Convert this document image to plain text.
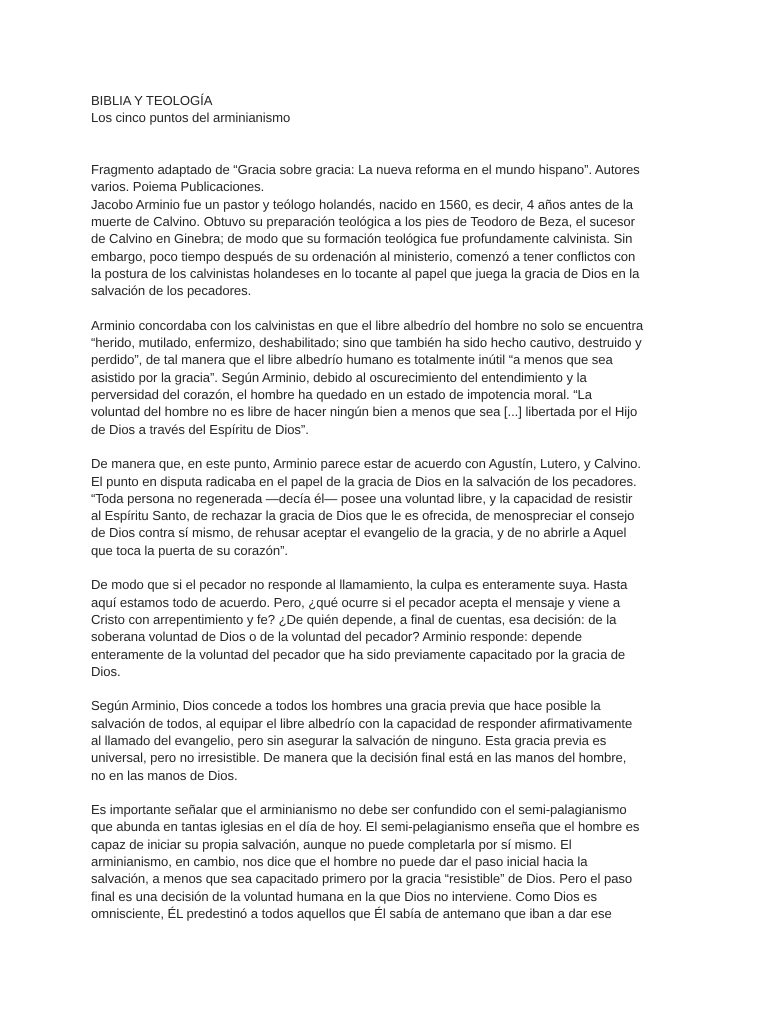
BIBLIA Y TEOLOGÍA
Los cinco puntos del arminianismo
Fragmento adaptado de “Gracia sobre gracia: La nueva reforma en el mundo hispano”. Autores
varios. Poiema Publicaciones.
Jacobo Arminio fue un pastor y teólogo holandés, nacido en 1560, es decir, 4 años antes de la
muerte de Calvino. Obtuvo su preparación teológica a los pies de Teodoro de Beza, el sucesor
de Calvino en Ginebra; de modo que su formación teológica fue profundamente calvinista. Sin
embargo, poco tiempo después de su ordenación al ministerio, comenzó a tener conflictos con
la postura de los calvinistas holandeses en lo tocante al papel que juega la gracia de Dios en la
salvación de los pecadores.
Arminio concordaba con los calvinistas en que el libre albedrío del hombre no solo se encuentra
“herido, mutilado, enfermizo, deshabilitado; sino que también ha sido hecho cautivo, destruido y
perdido”, de tal manera que el libre albedrío humano es totalmente inútil “a menos que sea
asistido por la gracia”. Según Arminio, debido al oscurecimiento del entendimiento y la
perversidad del corazón, el hombre ha quedado en un estado de impotencia moral. “La
voluntad del hombre no es libre de hacer ningún bien a menos que sea [...] libertada por el Hijo
de Dios a través del Espíritu de Dios”.
De manera que, en este punto, Arminio parece estar de acuerdo con Agustín, Lutero, y Calvino.
El punto en disputa radicaba en el papel de la gracia de Dios en la salvación de los pecadores.
“Toda persona no regenerada —decía él— posee una voluntad libre, y la capacidad de resistir
al Espíritu Santo, de rechazar la gracia de Dios que le es ofrecida, de menospreciar el consejo
de Dios contra sí mismo, de rehusar aceptar el evangelio de la gracia, y de no abrirle a Aquel
que toca la puerta de su corazón”.
De modo que si el pecador no responde al llamamiento, la culpa es enteramente suya. Hasta
aquí estamos todo de acuerdo. Pero, ¿qué ocurre si el pecador acepta el mensaje y viene a
Cristo con arrepentimiento y fe? ¿De quién depende, a final de cuentas, esa decisión: de la
soberana voluntad de Dios o de la voluntad del pecador? Arminio responde: depende
enteramente de la voluntad del pecador que ha sido previamente capacitado por la gracia de
Dios.
Según Arminio, Dios concede a todos los hombres una gracia previa que hace posible la
salvación de todos, al equipar el libre albedrío con la capacidad de responder afirmativamente
al llamado del evangelio, pero sin asegurar la salvación de ninguno. Esta gracia previa es
universal, pero no irresistible. De manera que la decisión final está en las manos del hombre,
no en las manos de Dios.
Es importante señalar que el arminianismo no debe ser confundido con el semi-palagianismo
que abunda en tantas iglesias en el día de hoy. El semi-pelagianismo enseña que el hombre es
capaz de iniciar su propia salvación, aunque no puede completarla por sí mismo. El
arminianismo, en cambio, nos dice que el hombre no puede dar el paso inicial hacia la
salvación, a menos que sea capacitado primero por la gracia “resistible” de Dios. Pero el paso
final es una decisión de la voluntad humana en la que Dios no interviene. Como Dios es
omnisciente, ÉL predestinó a todos aquellos que Él sabía de antemano que iban a dar ese
